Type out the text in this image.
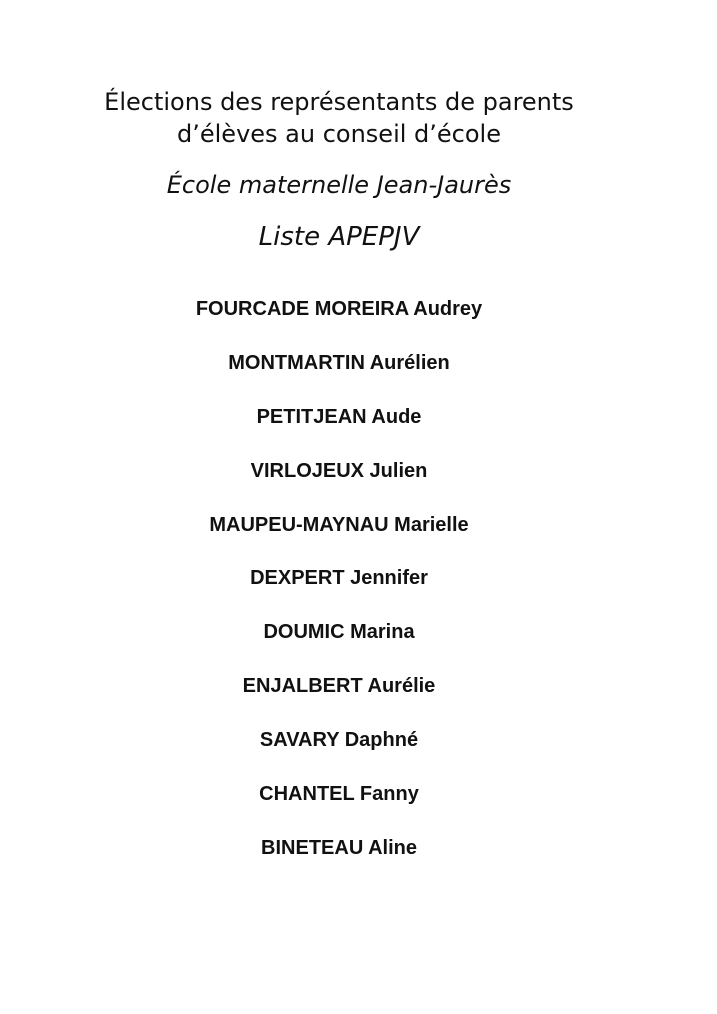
Élections des représentants de parents
d’élèves au conseil d’école
École maternelle Jean-Jaurès
Liste APEPJV
FOURCADE MOREIRA Audrey
MONTMARTIN Aurélien
PETITJEAN Aude
VIRLOJEUX Julien
MAUPEU-MAYNAU Marielle
DEXPERT Jennifer
DOUMIC Marina
ENJALBERT Aurélie
SAVARY Daphné
CHANTEL Fanny
BINETEAU Aline
